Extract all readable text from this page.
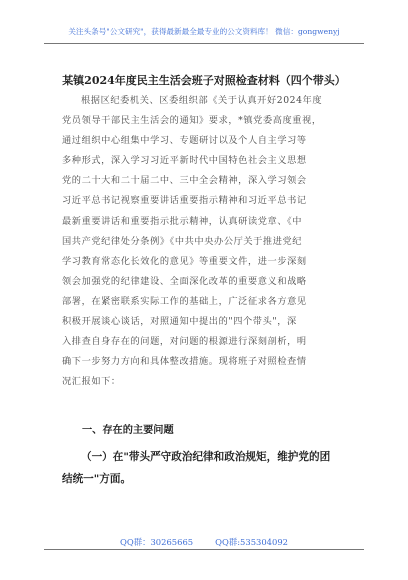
关注头条号"公文研究"，获得最新最全最专业的公文资料库！ 微信：gongwenyj
某镇2024年度民主生活会班子对照检查材料（四个带头）
根据区纪委机关、区委组织部《关于认真开好2024年度
党员领导干部民主生活会的通知》要求，*镇党委高度重视，
通过组织中心组集中学习、专题研讨以及个人自主学习等
多种形式，深入学习习近平新时代中国特色社会主义思想
党的二十大和二十届二中、三中全会精神，深入学习领会
习近平总书记视察重要讲话重要指示精神和习近平总书记
最新重要讲话和重要指示批示精神，认真研读党章、《中
国共产党纪律处分条例》《中共中央办公厅关于推进党纪
学习教育常态化长效化的意见》等重要文件，进一步深刻
领会加强党的纪律建设、全面深化改革的重要意义和战略
部署，在紧密联系实际工作的基础上，广泛征求各方意见
积极开展谈心谈话，对照通知中提出的"四个带头"，深
入排查自身存在的问题，对问题的根源进行深刻剖析，明
确下一步努力方向和具体整改措施。现将班子对照检查情
况汇报如下：
一、存在的主要问题
（一）在"带头严守政治纪律和政治规矩，维护党的团
结统一"方面。
QQ群：30265665	QQ群:535304092
